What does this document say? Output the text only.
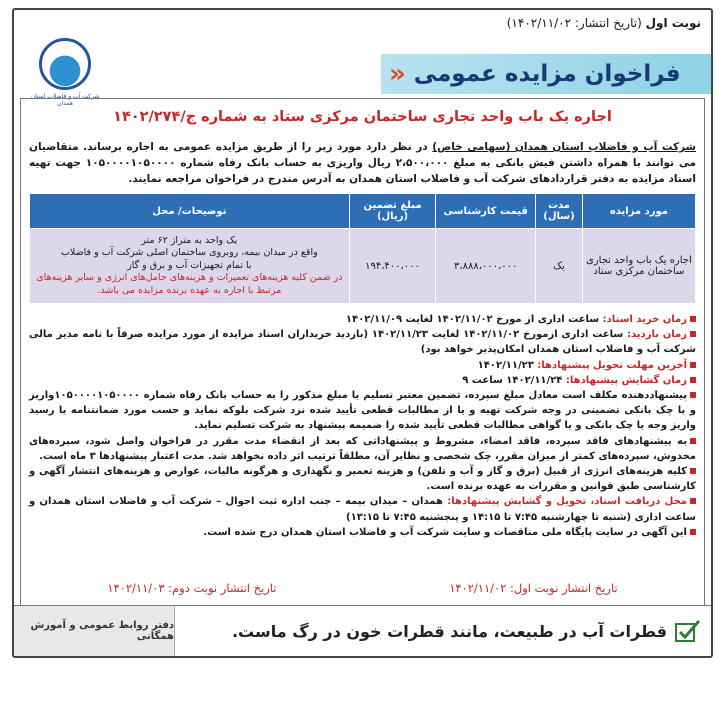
نوبت اول

(تاریخ انتشار: ۱۴۰۲/۱۱/۰۲)
فراخوان مزایده عمومی
«
شرکت آب و فاضلاب استان همدان
اجاره یک باب واحد تجاری ساختمان مرکزی ستاد به شماره ج/۱۴۰۲/۲۷۴
شرکت آب و فاضلاب استان همدان (سهامی خاص) در نظر دارد مورد زیر را از طریق مزایده عمومی به اجاره برساند. متقاضیان می توانند با همراه داشتن فیش بانکی به مبلغ ۲،۵۰۰،۰۰۰ ریال واریزی به حساب بانک رفاه شماره ۱۰۵۰۰۰۰۱۰۵۰۰۰۰ جهت تهیه اسناد مزایده به دفتر قراردادهای شرکت آب و فاضلاب استان همدان به آدرس مندرج در فراخوان مراجعه نمایند.
مورد مزایده	مدت (سال)	قیمت کارشناسی	مبلغ تضمین (ریال)	توضیحات/ محل
اجاره یک باب واحد تجاری ساختمان مرکزی ستاد	یک	۳،۸۸۸،۰۰۰،۰۰۰	۱۹۴،۴۰۰،۰۰۰	یک واحد به متراژ ۶۲ متر
واقع در میدان بیمه، روبروی ساختمان اصلی شرکت آب و فاضلاب
با تمام تجهیزات آب و برق و گاز
در ضمن کلیه هزینه‌های تعمیرات و هزینه‌های حامل‌های انرژی و سایر هزینه‌های مرتبط با اجاره به عهده برنده مزایده می باشد.

زمان خرید اسناد: ساعت اداری از مورخ ۱۴۰۲/۱۱/۰۲ لغایت ۱۴۰۲/۱۱/۰۹

زمان بازدید: ساعت اداری ازمورخ ۱۴۰۲/۱۱/۰۲ لغایت ۱۴۰۲/۱۱/۲۳ (بازدید خریداران اسناد مزایده از مورد مزایده صرفاً با نامه مدیر مالی شرکت آب و فاضلاب استان همدان امکان‌پذیر خواهد بود)

آخرین مهلت تحویل پیشنهادها: ۱۴۰۲/۱۱/۲۳

زمان گشایش پیشنهادها: ۱۴۰۲/۱۱/۲۴ ساعت ۹

پیشنهاددهنده مکلف است معادل مبلغ سپرده، تضمین معتبر تسلیم یا مبلغ مذکور را به حساب بانک رفاه شماره ۱۰۵۰۰۰۰۱۰۵۰۰۰۰واریز و یا چک بانکی تضمینی در وجه شرکت تهیه و یا از مطالبات قطعی تأیید شده نزد شرکت بلوکه نماید و حسب مورد ضمانتنامه یا رسید واریز وجه یا چک بانکی و یا گواهی مطالبات قطعی تأیید شده را ضمیمه پیشنهاد به شرکت تسلیم نماید.

به پیشنهادهای فاقد سپرده، فاقد امضاء، مشروط و پیشنهاداتی که بعد از انقضاء مدت مقرر در فراخوان واصل شود، سپرده‌های مخدوش، سپرده‌های کمتر از میزان مقرر، چک شخصی و نظایر آن، مطلقاً ترتیب اثر داده نخواهد شد. مدت اعتبار پیشنهادها ۳ ماه است.

کلیه هزینه‌های انرژی از قبیل (برق و گاز و آب و تلفن) و هزینه تعمیر و نگهداری و هرگونه مالیات، عوارض و هزینه‌های انتشار آگهی و کارشناسی طبق قوانین و مقررات به عهده برنده است.

محل دریافت اسناد، تحویل و گشایش پیشنهادها: همدان – میدان بیمه – جنب اداره ثبت احوال – شرکت آب و فاضلاب استان همدان و ساعت اداری (شنبه تا چهارشنبه ۷:۴۵ تا ۱۴:۱۵ و پنجشنبه ۷:۴۵ تا ۱۳:۱۵)

این آگهی در سایت پایگاه ملی مناقصات و سایت شرکت آب و فاضلاب استان همدان درج شده است.

تاریخ انتشار نوبت اول: ۱۴۰۲/۱۱/۰۲
تاریخ انتشار نوبت دوم: ۱۴۰۲/۱۱/۰۳
قطرات آب در طبیعت، مانند قطرات خون در رگ ماست.
دفتر روابط عمومی و آموزش همگانی
